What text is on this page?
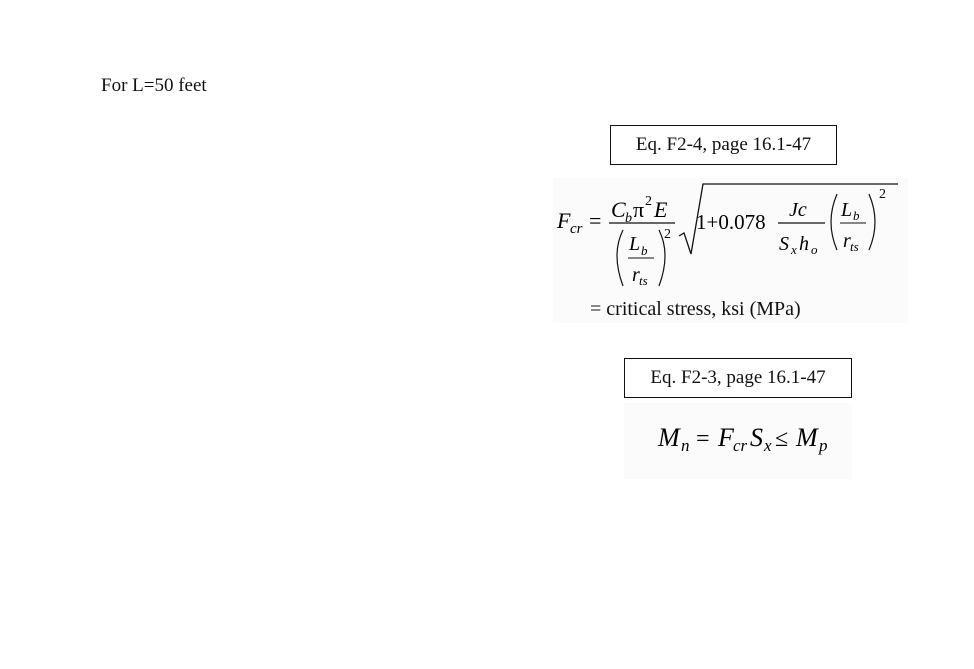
For L=50 feet
Eq. F2-4, page 16.1-47
F cr = C b π 2 E
L b
r ts
2
1+0.078 Jc
S x h o
L b
r ts
2
= critical stress, ksi (MPa)
Eq. F2-3, page 16.1-47
M n = F cr S x ≤ M p
